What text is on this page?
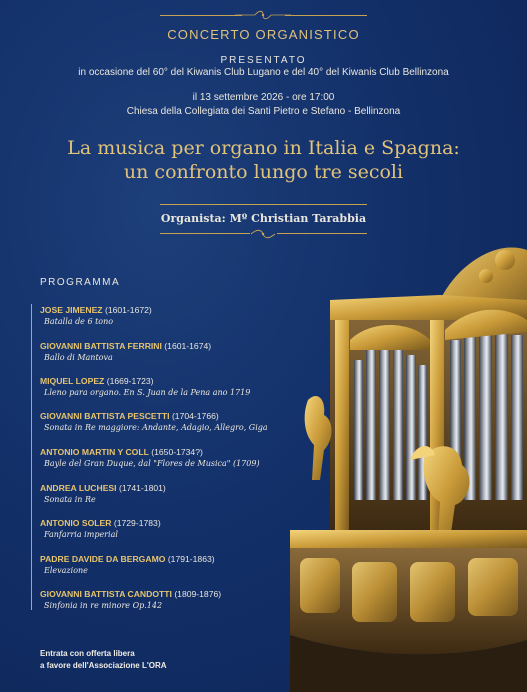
CONCERTO ORGANISTICO
PRESENTATO
in occasione del 60° del Kiwanis Club Lugano e del 40° del Kiwanis Club Bellinzona
il 13 settembre 2026 - ore 17:00
Chiesa della Collegiata dei Santi Pietro e Stefano - Bellinzona
La musica per organo in Italia e Spagna:
un confronto lungo tre secoli
Organista: Mº Christian Tarabbia
PROGRAMMA
JOSE JIMENEZ (1601-1672)
Batalla de 6 tono
GIOVANNI BATTISTA FERRINI (1601-1674)
Ballo di Mantova
MIQUEL LOPEZ (1669-1723)
Lleno para organo. En S. Juan de la Pena ano 1719
GIOVANNI BATTISTA PESCETTI (1704-1766)
Sonata in Re maggiore: Andante, Adagio, Allegro, Giga
ANTONIO MARTIN Y COLL (1650-1734?)
Bayle del Gran Duque, dal "Flores de Musica" (1709)
ANDREA LUCHESI (1741-1801)
Sonata in Re
ANTONIO SOLER (1729-1783)
Fanfarria imperial
PADRE DAVIDE DA BERGAMO (1791-1863)
Elevazione
GIOVANNI BATTISTA CANDOTTI (1809-1876)
Sinfonia in re minore Op.142
Entrata con offerta libera
a favore dell'Associazione L'ORA
